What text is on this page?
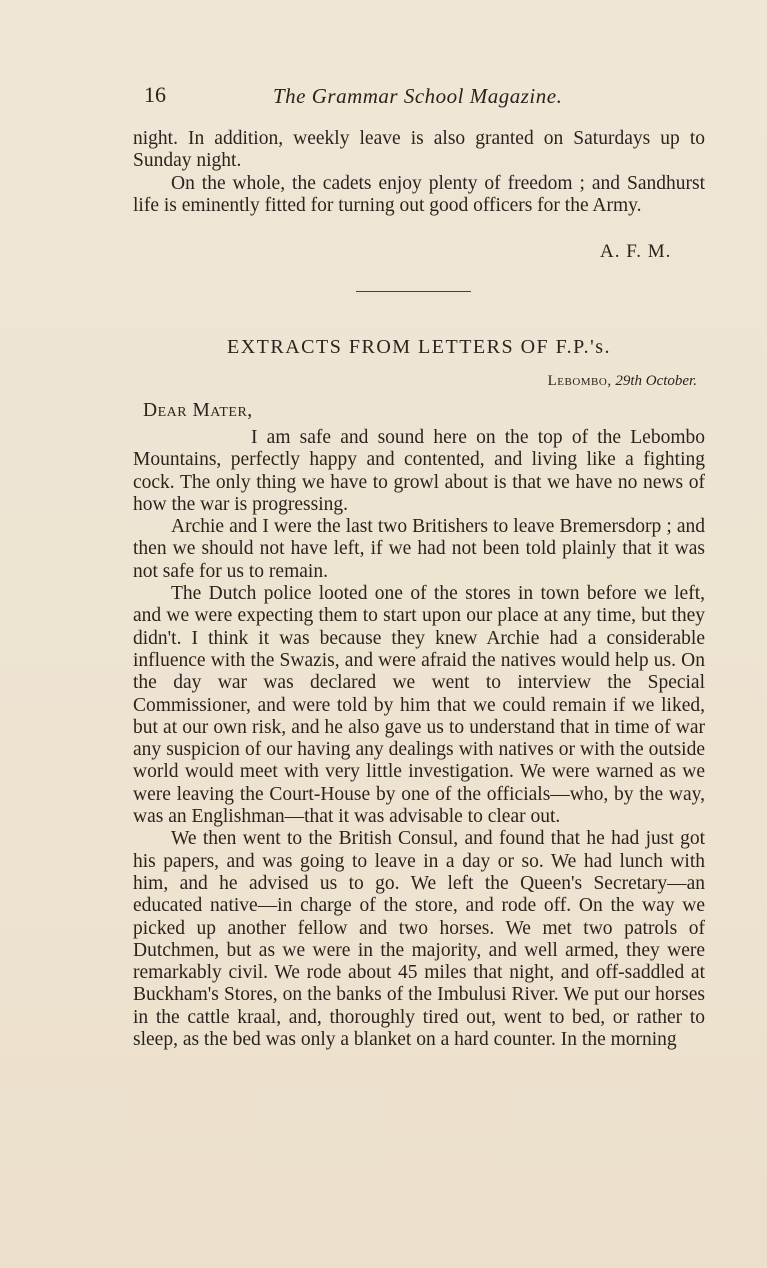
16	The Grammar School Magazine.

night. In addition, weekly leave is also granted on Saturdays up to Sunday night.

On the whole, the cadets enjoy plenty of freedom ; and Sandhurst life is eminently fitted for turning out good officers for the Army.

A. F. M.
EXTRACTS FROM LETTERS OF F.P.'s.
Lebombo, 29th October.
Dear Mater,

I am safe and sound here on the top of the Lebombo Mountains, perfectly happy and contented, and living like a fighting cock. The only thing we have to growl about is that we have no news of how the war is progressing.

Archie and I were the last two Britishers to leave Bremersdorp ; and then we should not have left, if we had not been told plainly that it was not safe for us to remain.

The Dutch police looted one of the stores in town before we left, and we were expecting them to start upon our place at any time, but they didn't. I think it was because they knew Archie had a considerable influence with the Swazis, and were afraid the natives would help us. On the day war was declared we went to interview the Special Commissioner, and were told by him that we could remain if we liked, but at our own risk, and he also gave us to understand that in time of war any suspicion of our having any dealings with natives or with the outside world would meet with very little investigation. We were warned as we were leaving the Court-House by one of the officials—who, by the way, was an Englishman—that it was advisable to clear out.

We then went to the British Consul, and found that he had just got his papers, and was going to leave in a day or so. We had lunch with him, and he advised us to go. We left the Queen's Secretary—an educated native—in charge of the store, and rode off. On the way we picked up another fellow and two horses. We met two patrols of Dutchmen, but as we were in the majority, and well armed, they were remarkably civil. We rode about 45 miles that night, and off-saddled at Buckham's Stores, on the banks of the Imbulusi River. We put our horses in the cattle kraal, and, thoroughly tired out, went to bed, or rather to sleep, as the bed was only a blanket on a hard counter. In the morning
